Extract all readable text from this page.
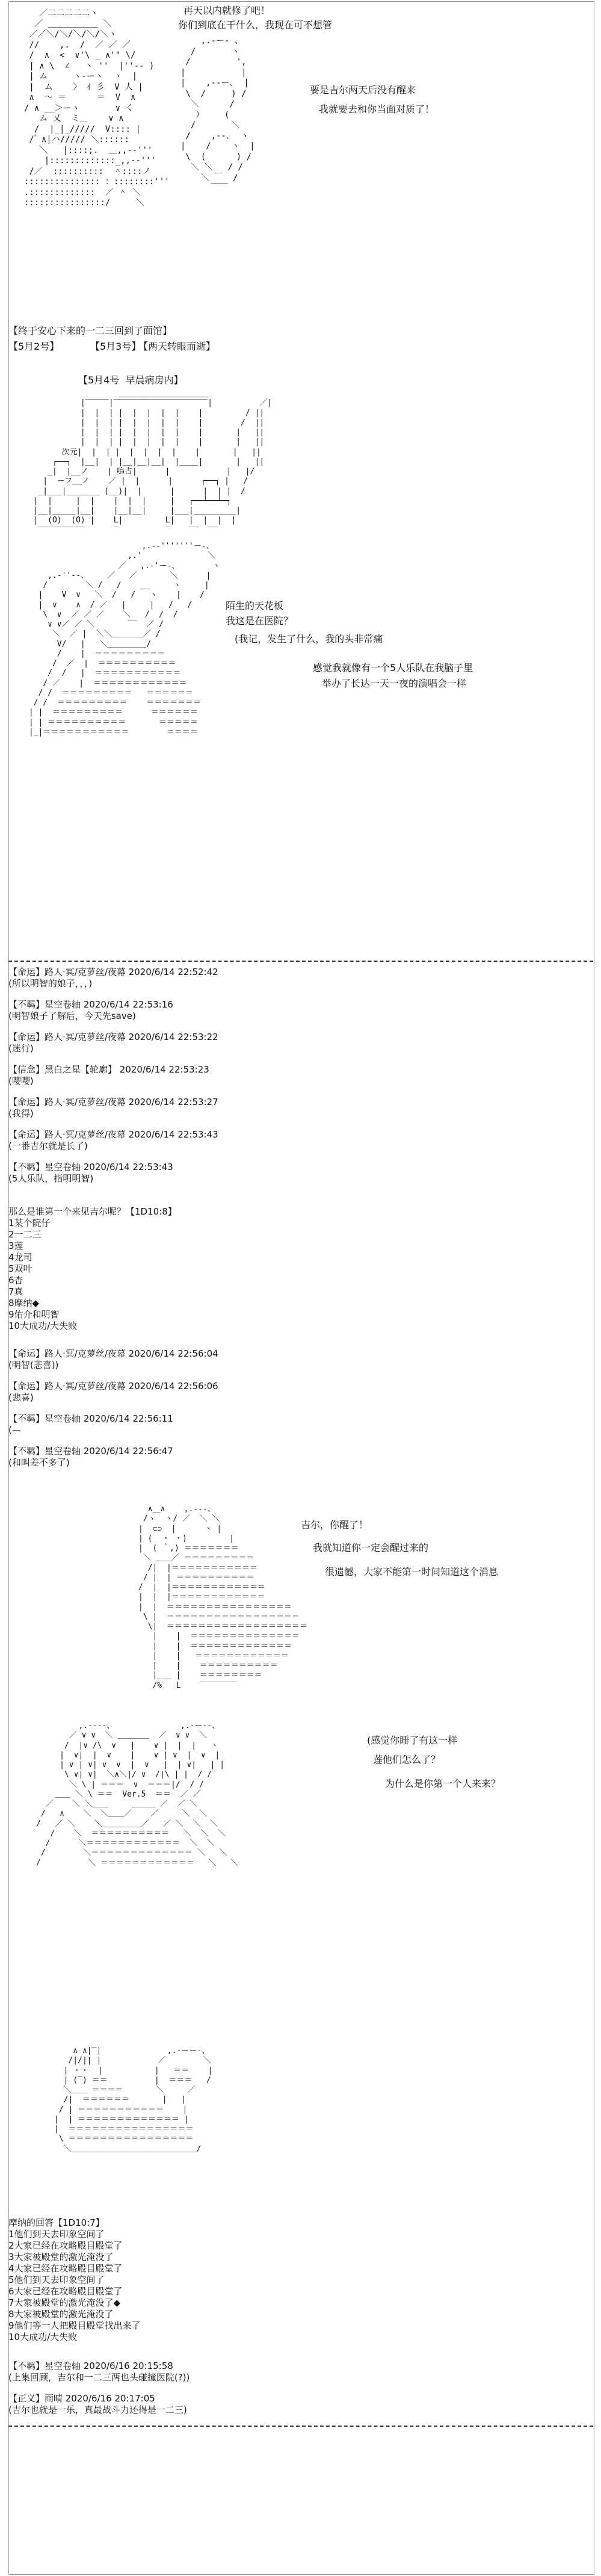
／二二二二二ヽ
／ ＿＿＿＿＿＿ ＼
／／＼/＼/＼/＼/＼ヽ
//    ,.  /  ／ ／ ／
/  ∧  <  ∨'\ _ ∧'" \/
| ∧ \  ∠   ヽ ''  |''-‐ )
| ム     ヽ‐ーヽ  ヽ  |
|  ム    〉 ｲ 彡  V 人 |
∧  ～ ＝      ＝  V  ∧
/ ∧ __＞ーヽ       ∨ く
ム 乂  ミ＿    ∨ ∧
/  |_|_/////  V:::: |
/ ゙ ∧|ハ///// ＼::::::
＼   |::::;.  ＿,,--'''
|:::::::::::::_,,--'''
/／  ::::::::::  ＾::::ノ
::::::::::::::: ：::::::::'''
.:::::::::::::  ／ ＾ ＼
::::::::::::::::/     ＼
,.-ー‐ 、
/       ヽ
/         ',
|           |
|    ,-‐ー､  |
\  /     ) /
＼      /
）    (
/       ＼
/    ,-‐､  ヽ
|    /    ヽ  |
\  (      ) /
＼ ＼   / /
＼ ￣  /
￣￣
再天以内就修了吧！
你们到底在干什么，我现在可不想管
要是吉尔两天后没有醒来
我就要去和你当面对质了！
【终于安心下来的一二三回到了面馆】
【5月2号】	【5月3号】
【两天转眼而逝】
【5月4号  早晨病房内】
___________________
|‾‾‾‾‾|‾‾‾‾‾‾‾‾‾‾‾‾‾‾‾‾‾‾‾‾|          ／|
|  |  | |  |  |  |  |    |         / ||
|  |  | |  |  |  |  |    |        /  ||
|  |  | |  |  |  |  |    |       |   ||
|  |  | |  |  |  |  |    |       |   ||
次元|  |  | |  |  |  |  |    |       |   ||
┌──┐  |__|  | |__|__|__|  |____|       |   ||
_|  |__ノ    | 鳴占|      |            |   |/
|  ーフ__ノ    ／ |  |      |      ┌──┐ |   /
_|___|_______ (__)|  |      |      |  | |  /
|  |     |  |    |  |  |     |   ┌──┴──┴─┐
|__|_____|__|    |__|__|     |___|_________|
|  (O)  (O) |    L|         L|   |  |  |  |
‾‾‾‾‾‾‾‾‾‾      ‾          ‾    ‾‾  ‾‾
,.-‐'''''''ー-、
,.'              ＼
／   ,.-'ー-、       ヽ
,.-''‐‐、    ／   ／       ＼      |
/        ＼ /   /    __     ヽ     |
|    V  ∨   ＼  /   /   ヽ    |    /
|  ∨    ∧  / ／   |     |   /   /
\  ∨  ／ ／ ／    ＼   /  /  /
∨ ∨／ ／ ＼       ‾‾  ／ /
＼  ／ |  ＼＼＿＿＿＿／ /
V/   |   ＼＿＿＿＿＿/
/    |  ＝＝＝＝＝＝＝＝＝
/  ／  |  ＝＝＝＝＝＝＝＝＝＝
/  /   |  ＝＝＝＝＝＝＝＝＝＝＝
/ ／    |  ＝＝＝＝＝＝＝＝＝＝＝＝
/ /  ＝＝＝＝＝＝＝＝＝   ＝＝＝＝＝＝
/ /  ＝＝＝＝＝＝＝＝＝    ＝＝＝＝＝＝＝
| |  ＝＝＝＝＝＝＝＝＝      ＝＝＝＝＝＝
| | ＝＝＝＝＝＝＝＝＝＝       ＝＝＝＝＝
|_|＝＝＝＝＝＝＝＝＝＝＝        ＝＝＝＝
陌生的天花板
我这是在医院？
(我记，发生了什么，我的头非常痛
感觉我就像有一个5人乐队在我脑子里
举办了长达一天一夜的演唱会一样
【命运】路人·冥/克萝丝/夜幕 2020/6/14 22:52:42
(所以明智的娘子，，，)
【不羁】星空卷轴 2020/6/14 22:53:16
(明智娘子了解后，今天先save)
【命运】路人·冥/克萝丝/夜幕 2020/6/14 22:53:22
(迷行)
【信念】黑白之星【轮廓】 2020/6/14 22:53:23
(嘤嘤)
【命运】路人·冥/克萝丝/夜幕 2020/6/14 22:53:27
(我得)
【命运】路人·冥/克萝丝/夜幕 2020/6/14 22:53:43
(一番吉尔就是长了)
【不羁】星空卷轴 2020/6/14 22:53:43
(5人乐队，指明明智)
那么是谁第一个来见吉尔呢？【1D10:8】
1某个院仔
2一二三
3莲
4龙司
5双叶
6杏
7真
8摩纳◆
9佑介和明智
10大成功/大失败
【命运】路人·冥/克萝丝/夜幕 2020/6/14 22:56:04
(明智(悲喜))
【命运】路人·冥/克萝丝/夜幕 2020/6/14 22:56:06
(悲喜)
【不羁】星空卷轴 2020/6/14 22:56:11
(—
【不羁】星空卷轴 2020/6/14 22:56:47
(和叫差不多了)
∧＿∧    ,.-‐-、
/ヽ  ヽ/ ／  ＼ ＼
|  ⊂⊃  |      ヽ |
| (  ・ ・)         |
|  ( ｀,) ＝＝＝＝＝＝＝
＼ ＿＿／ ＝＝＝＝＝＝＝＝＝
/|  |＝＝＝＝＝＝＝＝＝＝＝
/ |  | ＝＝＝＝＝＝＝＝＝＝
/  |  |＝＝＝＝＝＝＝＝＝＝＝＝
|  |  |＝＝＝＝＝＝＝＝＝＝＝＝
|  |  ＝＝＝＝＝＝＝＝＝＝＝＝＝＝＝＝
\ |  ＝＝＝＝＝＝＝＝＝＝＝＝＝＝＝＝＝
\|  ＝＝＝＝＝＝＝＝＝＝＝＝＝＝＝＝＝＝
|    |  ＝＝＝＝＝＝＝＝＝＝＝＝＝＝
|    |  ＝＝＝＝＝＝＝＝＝＝＝＝＝
|    |   ＝＝＝＝＝＝＝＝＝＝＝＝
|    |    ＝＝＝＝＝＝＝＝＝＝
|___ |    ＝＝＝＝＝＝＝＝
/%   L    ‾‾‾‾‾‾‾‾
吉尔，你醒了！
我就知道你一定会醒过来的
很遗憾，大家不能第一时间知道这个消息
,.-‐‐-、              ,.-ー‐-、
／ ∨ ∨  ＼ ＿＿＿＿  ／  ∨ ∨  ＼
/  |∨ /\  ∨   |    ∨ |  |  |   ヽ
|  ∨|  |  ∨    |    ∨ | ∨  |  ∨  |
| ∨ | ∨| ∨  ∨  |  ∨   |  | ∨|   | |
\ ∨| ∨|  ＼∧＼|/ ∨  /|\ | |  / /
＼ \ | ＝＝＝  ∨  ＝＝＝|/  / /
＿＿ ＼ \ ＝＝  Ver.5  ＝＝  ／ ／
／    ＼ ＼＿＿     ＿＿＿ ／  ／ ＼
/   ∧    ＼  ＼＿＿／    ／     ＼  ＼
/   ／ ＼    ＼＿＿＿＿＿／   ／ ＼  ＼  ＼
/    ＼  ＝＝＝＝＝＝＝＝＝＝   ＼  ＼  ＼
/      ＼＝＝＝＝＝＝＝＝＝＝＝＝  ＼  ＼
/        ＼＝＝＝＝＝＝＝＝＝＝＝＝＝ ＼   ＼
/          ＼ ＝＝＝＝＝＝＝＝＝＝＝＝   ＼   ＼
(感觉你睡了有这一样
莲他们怎么了？
为什么是你第一个人来来？
∧ ∧|‾|              ,.-ーー-、
/|/|| |            ／        ＼
| ・・  |           |   ＝＝    |
| (‾) ＝＝          |  ＝＝＝   /
＼＿＿ ＝＝＝＝       ＼     ／
/|  ＝＝＝＝＝＝       |   |
/ | ＝＝＝＝＝＝＝＝＝＝＝    |
|  | ＝＝＝＝＝＝＝＝＝＝＝＝＝ |
|  ＝＝＝＝＝＝＝＝＝＝＝＝＝＝＝＝
\ ＝＝＝＝＝＝＝＝＝＝＝＝＝＝＝＝
＼＿＿＿＿＿＿＿＿＿＿＿＿＿＿＿＿/
摩纳的回答【1D10:7】
1他们到天去印象空间了
2大家已经在攻略殿目殿堂了
3大家被殿堂的激光淹没了
4大家已经在攻略殿目殿堂了
5他们到天去印象空间了
6大家已经在攻略殿目殿堂了
7大家被殿堂的激光淹没了◆
8大家被殿堂的激光淹没了
9他们等一人把殿目殿堂找出来了
10大成功/大失败
【不羁】星空卷轴 2020/6/16 20:15:58
(上集回顾，吉尔和一二三两也头碰撞医院(?))
【正义】雨晴 2020/6/16 20:17:05
(吉尔也就是一乐，真最战斗力还得是一二三)
